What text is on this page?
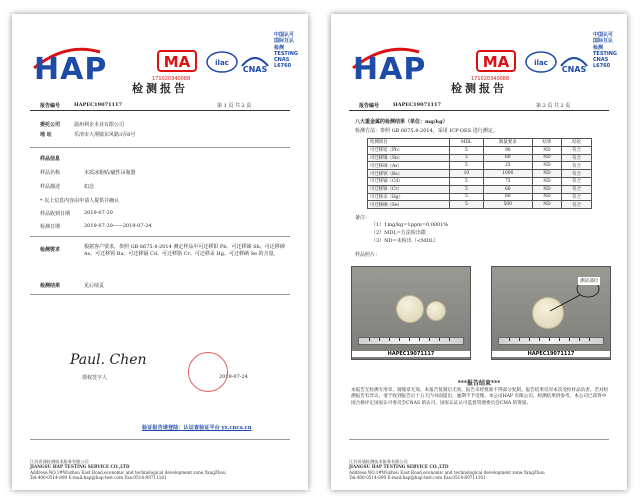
HAP	MA
171020340088
ilac
CNAS
中国认可
国际互认
检测
TESTING
CNAS L6760
检测报告
报告编号	HAPEC19071117	第 1 页 共 2 页
委托公司	温州利企木业有限公司
地 址	乐清市大荆镇东风路3弄8号
样品信息
样品名称	木质冰箱贴/磁性吊瓶器
样品描述	如念
* 以上信息内容由申请人提供并确认
样品收到日期	2019-07-20
检测日期	2019-07-20——2019-07-24
检测要求	根据客户要求，参照 GB 6675.4-2014 测定样品中可迁移铅 Pb、可迁移锑 Sb、可迁移砷 As、可迁移钡 Ba、可迁移镉 Cd、可迁移铬 Cr、可迁移汞 Hg、可迁移硒 Se 的含量。
检测结果	见后续页
Paul. Chen
授权签字人	2019-07-24
验证报告请登陆：认证查验证平台 yz.cnca.cn
江苏省浦检测技术服务有限公司
JIANGSU HAP TESTING SERVICE CO.,LTD
Address:NO.1#Wuzhou East Road,economic and technological development zone,YangZhou
Tel:400-0514-890 E-mail:hap@hap-test.com Fax:0514-89711161
HAP	MA
171020340088
ilac
CNAS
中国认可
国际互认
检测
TESTING
CNAS L6760
检测报告
报告编号	HAPEC19071117	第 2 页 共 2 页
八大重金属的检测结果（单位：mg/kg）
检测方法：参照 GB 6675.4-2014，采用 ICP-OES 进行测定。
检测项目	MDL	限量要求	结果	结论
可迁移铅（Pb）	5	90	ND	符合
可迁移锑（Sb）	5	60	ND	符合
可迁移砷（As）	5	25	ND	符合
可迁移钡（Ba）	10	1000	ND	符合
可迁移镉（Cd）	5	75	ND	符合
可迁移铬（Cr）	5	60	ND	符合
可迁移汞（Hg）	5	60	ND	符合
可迁移硒（Se）	5	500	ND	符合
备注：
（1）1mg/kg=1ppm=0.0001%
（2）MDL=方法检出限
（3）ND=未检出（<MDL）
样品照片：
HAPEC19071117
测试部位
HAPEC19071117
***报告结束***
本报告无检测专用章、骑缝章无效。本报告复制后无效。报告未经批准不得部分复制。报告结果仅对本次受检样品负责。若对检测报告有异议，请于收到报告后十五天内书面提出，逾期不予受理。本公司HAP 有限公司。检测结果供参考。本公司已获得中国合格评定国家认可委员会CNAS 的认可。国家认证认可监督管理委员会CMA 的资质。
江苏省浦检测技术服务有限公司
JIANGSU HAP TESTING SERVICE CO.,LTD
Address:NO.1#Wuzhou East Road,economic and technological development zone,YangZhou
Tel:400-0514-890 E-mail:hap@hap-test.com Fax:0514-89711161
